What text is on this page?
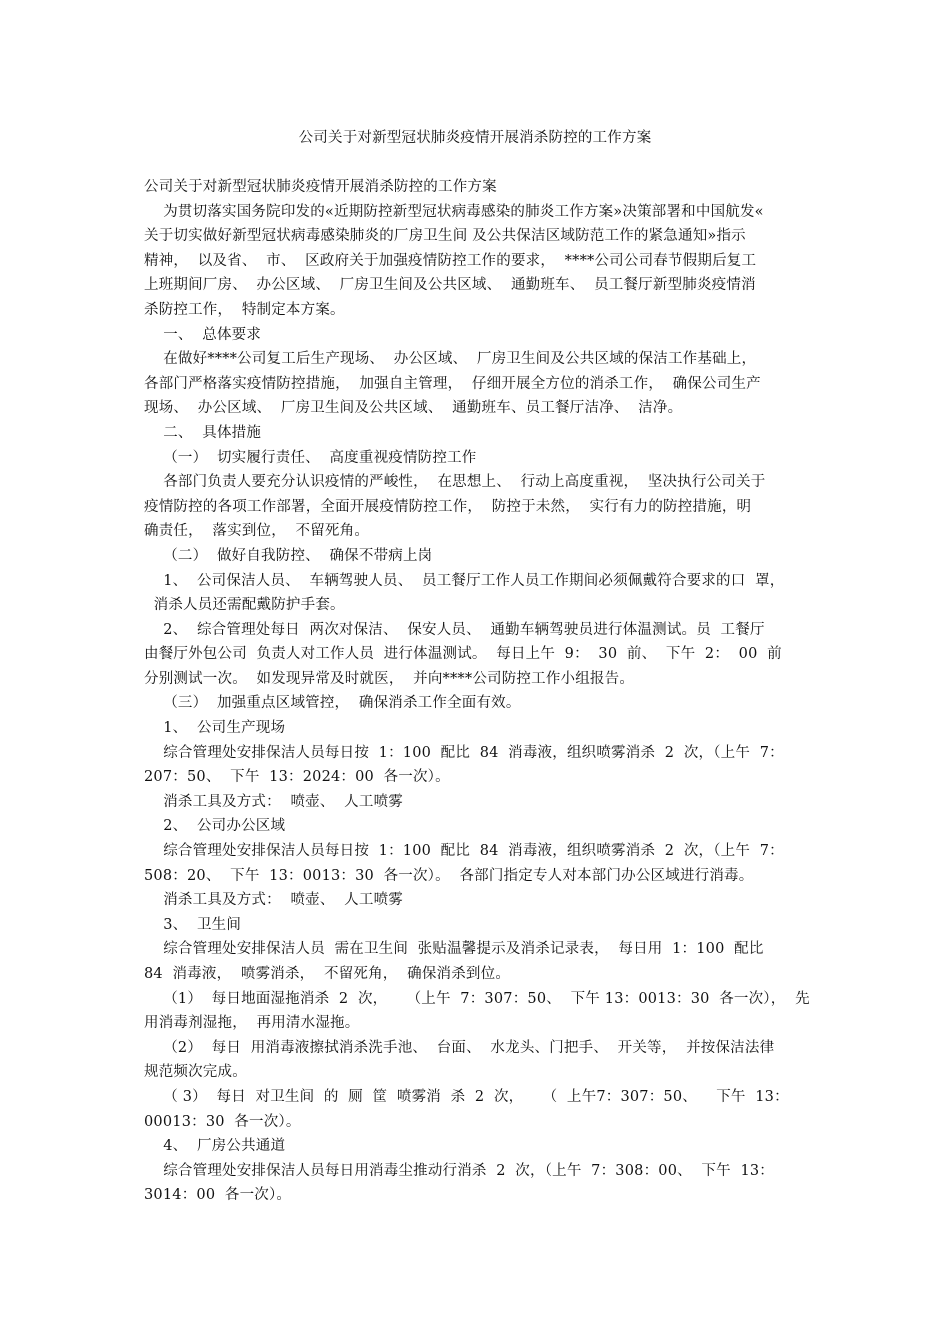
公司关于对新型冠状肺炎疫情开展消杀防控的工作方案
公司关于对新型冠状肺炎疫情开展消杀防控的工作方案
为贯切落实国务院印发的«近期防控新型冠状病毒感染的肺炎工作方案»决策部署和中国航发«
关于切实做好新型冠状病毒感染肺炎的厂房卫生间 及公共保洁区域防范工作的紧急通知»指示
精神，  以及省、  市、  区政府关于加强疫情防控工作的要求，  ****公司公司春节假期后复工
上班期间厂房、  办公区域、  厂房卫生间及公共区域、  通勤班车、  员工餐厅新型肺炎疫情消
杀防控工作，  特制定本方案。
一、  总体要求
在做好****公司复工后生产现场、  办公区域、  厂房卫生间及公共区域的保洁工作基础上，
各部门严格落实疫情防控措施，  加强自主管理，  仔细开展全方位的消杀工作，  确保公司生产
现场、  办公区域、  厂房卫生间及公共区域、  通勤班车、员工餐厅洁净、  洁净。
二、  具体措施
（一）  切实履行责任、  高度重视疫情防控工作
各部门负责人要充分认识疫情的严峻性，  在思想上、  行动上高度重视，  坚决执行公司关于
疫情防控的各项工作部署，全面开展疫情防控工作，  防控于未然，  实行有力的防控措施，明
确责任，  落实到位，  不留死角。
（二）  做好自我防控、  确保不带病上岗
1、  公司保洁人员、  车辆驾驶人员、  员工餐厅工作人员工作期间必须佩戴符合要求的口  罩，
消杀人员还需配戴防护手套。
2、  综合管理处每日  两次对保洁、  保安人员、  通勤车辆驾驶员进行体温测试。员  工餐厅
由餐厅外包公司  负责人对工作人员  进行体温测试。  每日上午  9：  30  前、  下午  2：  00  前
分别测试一次。  如发现异常及时就医，  并向****公司防控工作小组报告。
（三）  加强重点区域管控，  确保消杀工作全面有效。
1、  公司生产现场
综合管理处安排保洁人员每日按  1：100  配比  84  消毒液，组织喷雾消杀  2  次，（上午  7：
207：50、  下午  13：2024：00  各一次）。
消杀工具及方式：  喷壶、  人工喷雾
2、  公司办公区域
综合管理处安排保洁人员每日按  1：100  配比  84  消毒液，组织喷雾消杀  2  次，（上午  7：
508：20、  下午  13：0013：30  各一次）。  各部门指定专人对本部门办公区域进行消毒。
消杀工具及方式：  喷壶、  人工喷雾
3、  卫生间
综合管理处安排保洁人员  需在卫生间  张贴温馨提示及消杀记录表，  每日用  1：100  配比
84  消毒液，  喷雾消杀，  不留死角，  确保消杀到位。
（1）  每日地面湿拖消杀  2  次，    （上午  7：307：50、  下午 13：0013：30  各一次），  先
用消毒剂湿拖，  再用清水湿拖。
（2）  每日  用消毒液擦拭消杀洗手池、  台面、  水龙头、门把手、  开关等，  并按保洁法律
规范频次完成。
（ 3）  每日  对卫生间  的  厕  筐  喷雾消  杀  2  次，    （  上午7：307：50、    下午  13：
00013：30  各一次）。
4、  厂房公共通道
综合管理处安排保洁人员每日用消毒尘推动行消杀  2  次，（上午  7：308：00、  下午  13：
3014：00  各一次）。
